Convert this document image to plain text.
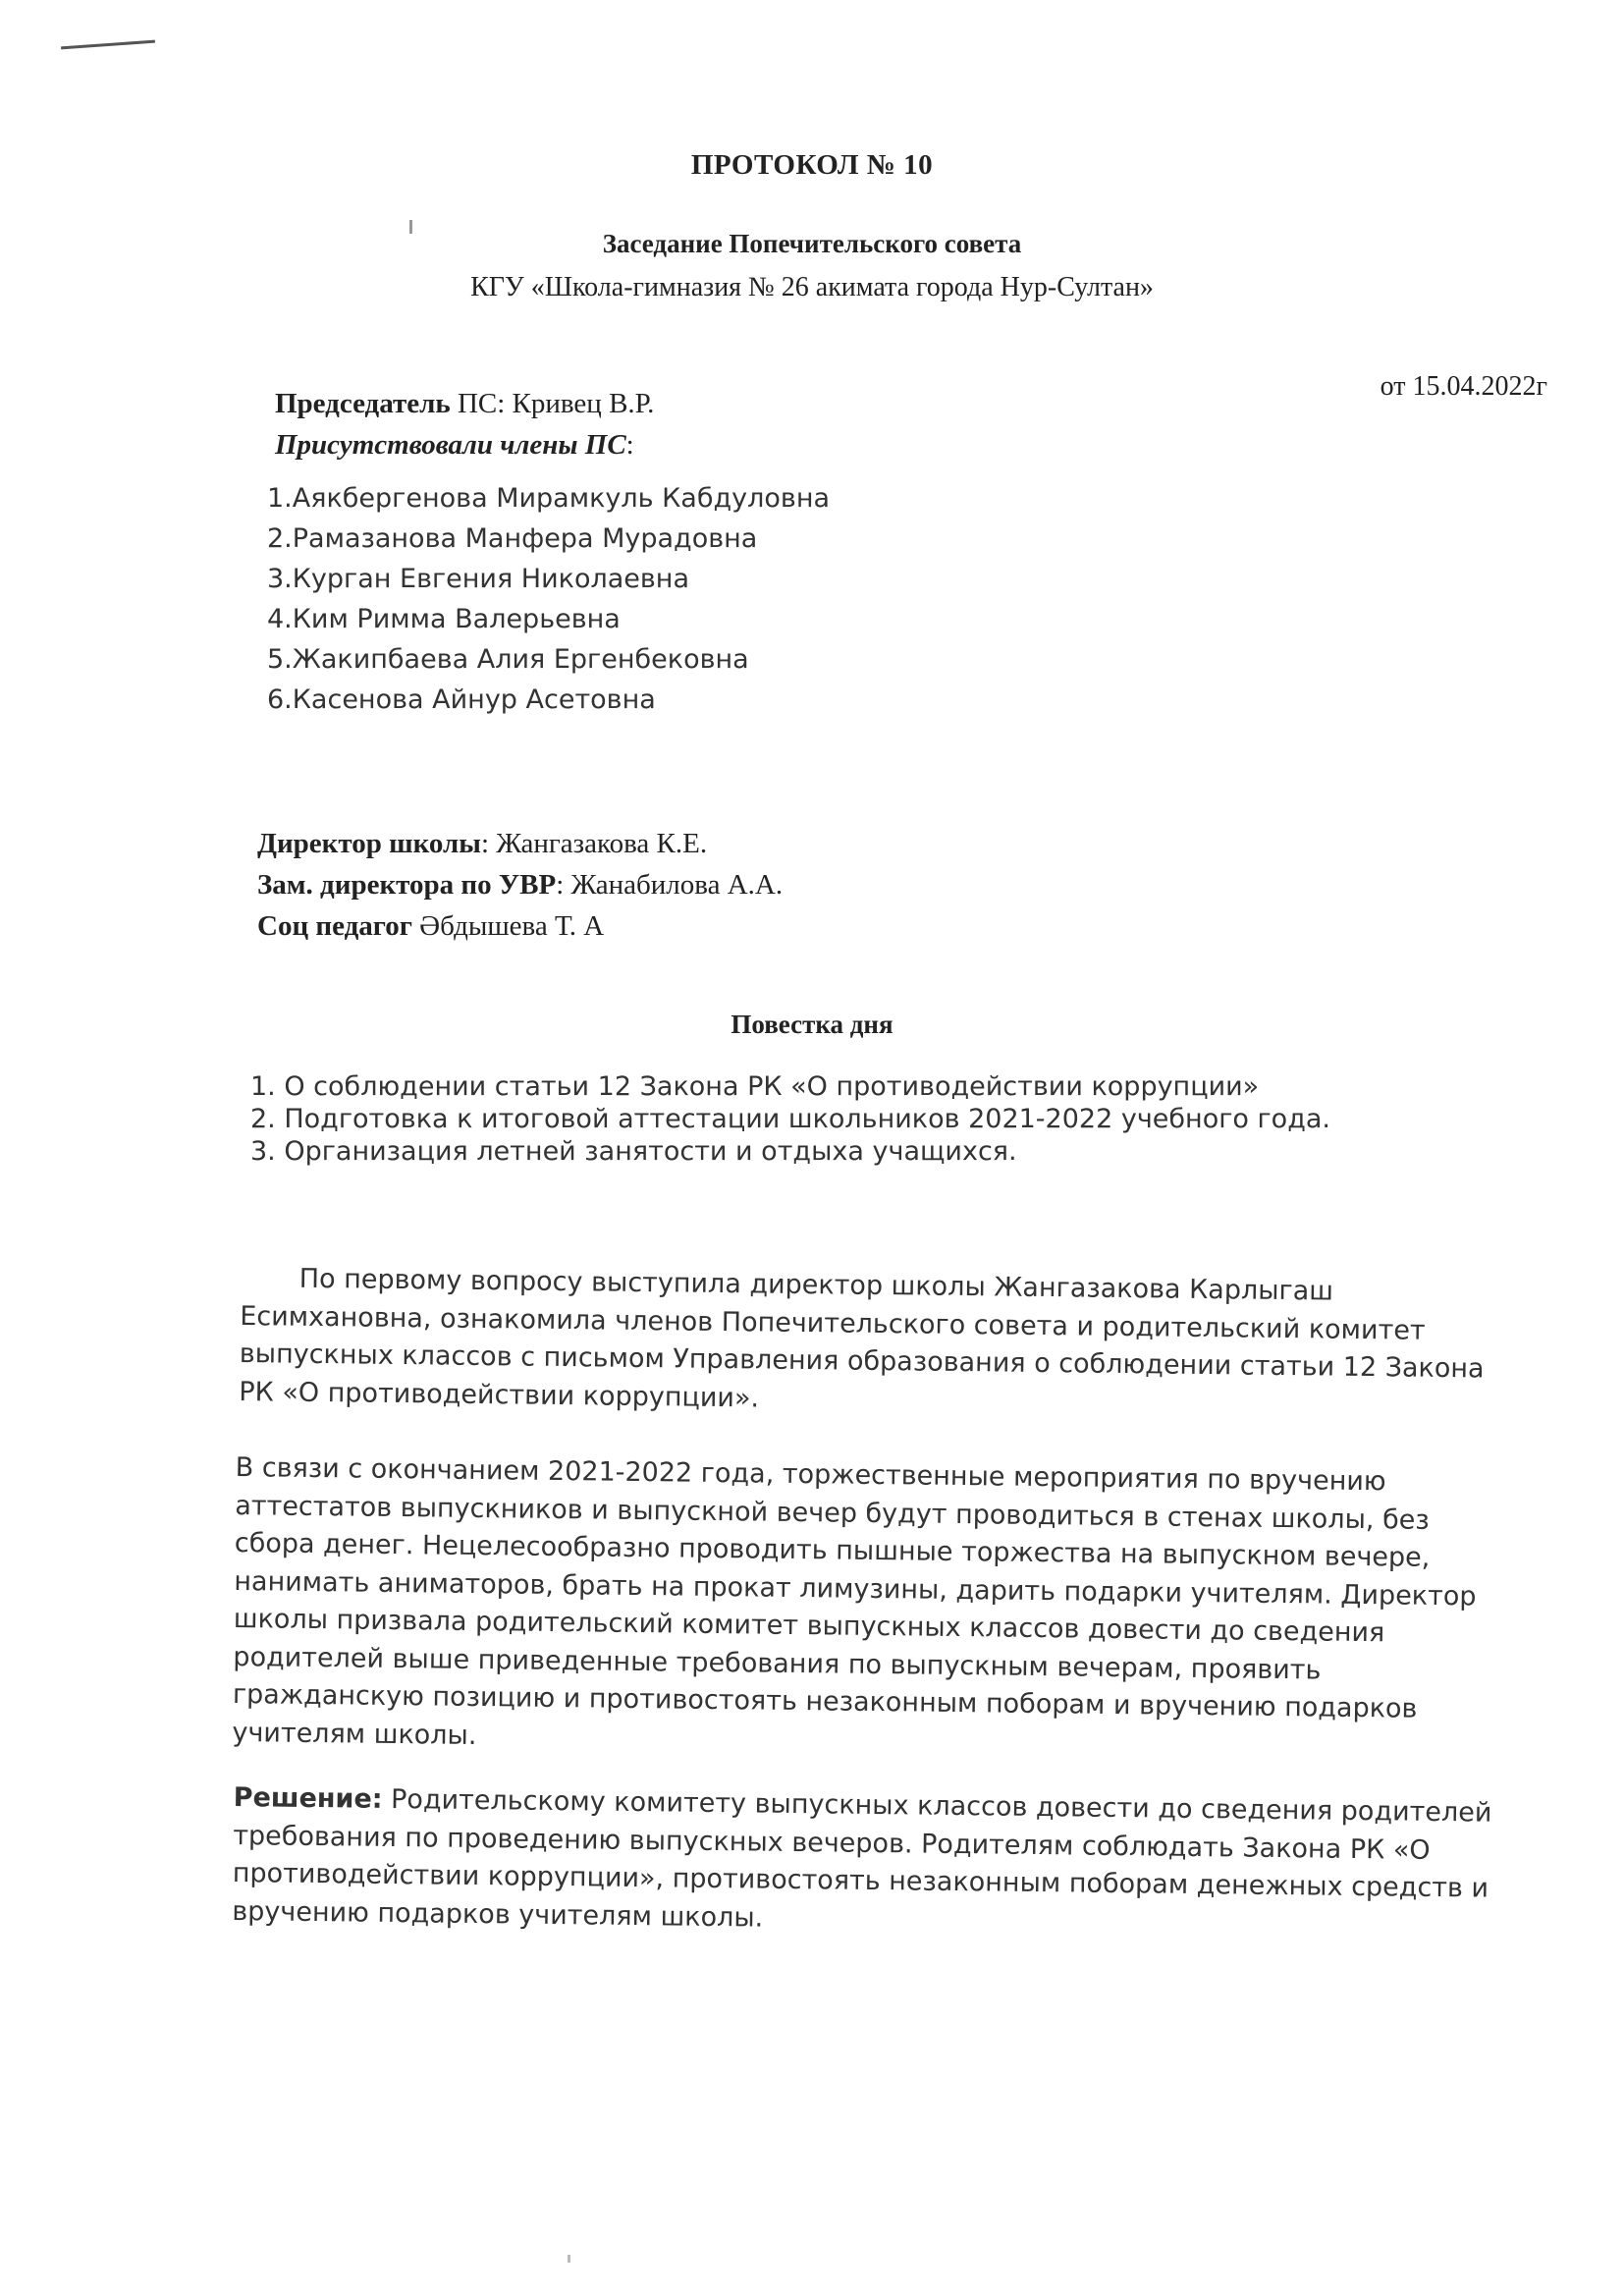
ПРОТОКОЛ № 10
Заседание Попечительского совета
КГУ «Школа-гимназия № 26 акимата города Нур-Султан»
от 15.04.2022г
Председатель ПС: Кривец В.Р.
Присутствовали члены ПС:
1.Аякбергенова Мирамкуль Кабдуловна
2.Рамазанова Манфера Мурадовна
3.Курган Евгения Николаевна
4.Ким Римма Валерьевна
5.Жакипбаева Алия Ергенбековна
6.Касенова Айнур Асетовна
Директор школы: Жангазакова К.Е.
Зам. директора по УВР: Жанабилова А.А.
Соц педагог Әбдышева Т. А
Повестка дня
1. О соблюдении статьи 12 Закона РК «О противодействии коррупции»
2. Подготовка к итоговой аттестации школьников 2021-2022 учебного года.
3. Организация летней занятости и отдыха учащихся.

По первому вопросу выступила директор школы Жангазакова Карлыгаш Есимхановна, ознакомила членов Попечительского совета и родительский комитет выпускных классов с письмом Управления образования о соблюдении статьи 12 Закона РК «О противодействии коррупции».

В связи с окончанием 2021-2022 года, торжественные мероприятия по вручению аттестатов выпускников и выпускной вечер будут проводиться в стенах школы, без сбора денег. Нецелесообразно проводить пышные торжества на выпускном вечере, нанимать аниматоров, брать на прокат лимузины, дарить подарки учителям. Директор школы призвала родительский комитет выпускных классов довести до сведения родителей выше приведенные требования по выпускным вечерам, проявить гражданскую позицию и противостоять незаконным поборам и вручению подарков учителям школы.

Решение: Родительскому комитету выпускных классов довести до сведения родителей требования по проведению выпускных вечеров. Родителям соблюдать Закона РК «О противодействии коррупции», противостоять незаконным поборам денежных средств и вручению подарков учителям школы.
